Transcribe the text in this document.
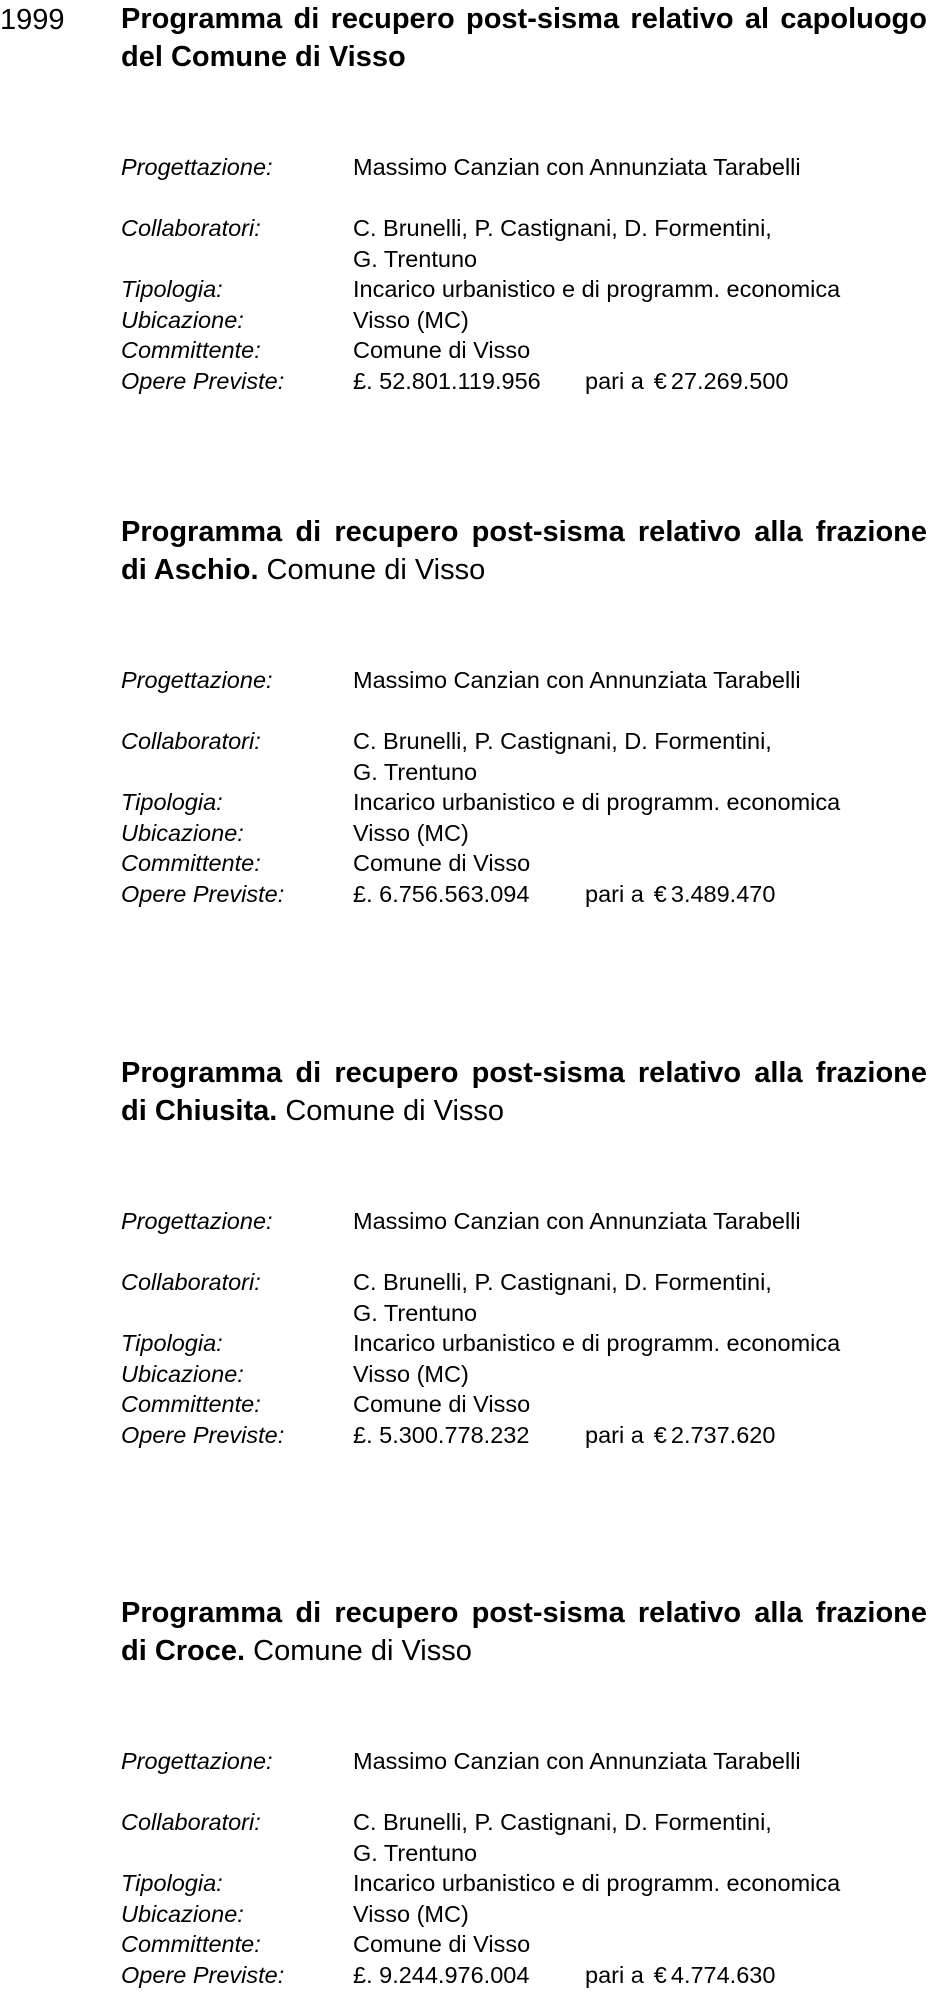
1999	Programma di recupero post-sisma relativo al capoluogo del Comune di Visso
Progettazione:	Massimo Canzian con Annunziata Tarabelli
Collaboratori:	C. Brunelli, P. Castignani, D. Formentini,
G. Trentuno
Tipologia:	Incarico urbanistico e di programm. economica
Ubicazione:	Visso (MC)
Committente:	Comune di Visso
Opere Previste:	£. 52.801.119.956 pari a € 27.269.500
Programma di recupero post-sisma relativo alla frazione di Aschio. Comune di Visso
Progettazione:	Massimo Canzian con Annunziata Tarabelli
Collaboratori:	C. Brunelli, P. Castignani, D. Formentini,
G. Trentuno
Tipologia:	Incarico urbanistico e di programm. economica
Ubicazione:	Visso (MC)
Committente:	Comune di Visso
Opere Previste:	£. 6.756.563.094 pari a € 3.489.470
Programma di recupero post-sisma relativo alla frazione di Chiusita. Comune di Visso
Progettazione:	Massimo Canzian con Annunziata Tarabelli
Collaboratori:	C. Brunelli, P. Castignani, D. Formentini,
G. Trentuno
Tipologia:	Incarico urbanistico e di programm. economica
Ubicazione:	Visso (MC)
Committente:	Comune di Visso
Opere Previste:	£. 5.300.778.232 pari a € 2.737.620
Programma di recupero post-sisma relativo alla frazione di Croce. Comune di Visso
Progettazione:	Massimo Canzian con Annunziata Tarabelli
Collaboratori:	C. Brunelli, P. Castignani, D. Formentini,
G. Trentuno
Tipologia:	Incarico urbanistico e di programm. economica
Ubicazione:	Visso (MC)
Committente:	Comune di Visso
Opere Previste:	£. 9.244.976.004 pari a € 4.774.630
